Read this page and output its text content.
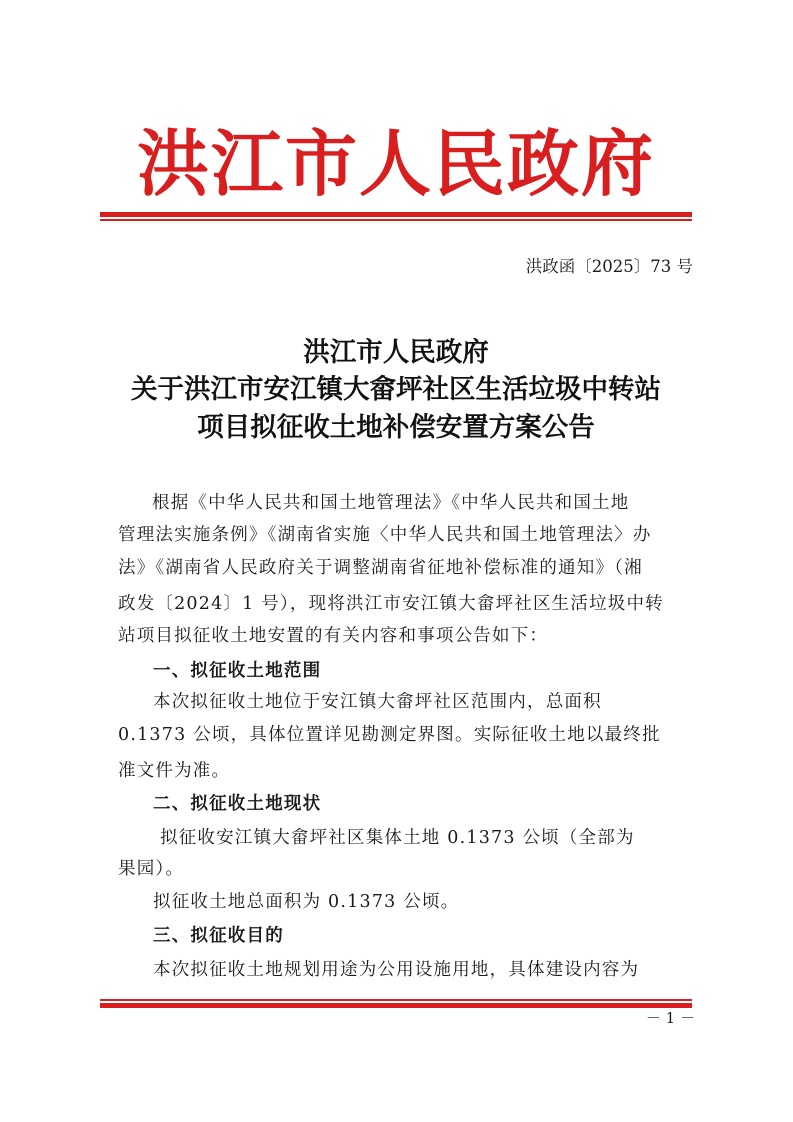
洪江市人民政府
洪政函〔2025〕73 号
洪江市人民政府
关于洪江市安江镇大畲坪社区生活垃圾中转站
项目拟征收土地补偿安置方案公告
根据《中华人民共和国土地管理法》《中华人民共和国土地
管理法实施条例》《湖南省实施〈中华人民共和国土地管理法〉办
法》《湖南省人民政府关于调整湖南省征地补偿标准的通知》（湘
政发〔2024〕1 号），现将洪江市安江镇大畲坪社区生活垃圾中转
站项目拟征收土地安置的有关内容和事项公告如下：
一、拟征收土地范围
本次拟征收土地位于安江镇大畲坪社区范围内，总面积
0.1373 公顷，具体位置详见勘测定界图。实际征收土地以最终批
准文件为准。
二、拟征收土地现状
拟征收安江镇大畲坪社区集体土地 0.1373 公顷（全部为
果园）。
拟征收土地总面积为 0.1373 公顷。
三、拟征收目的
本次拟征收土地规划用途为公用设施用地，具体建设内容为
－ 1 －
